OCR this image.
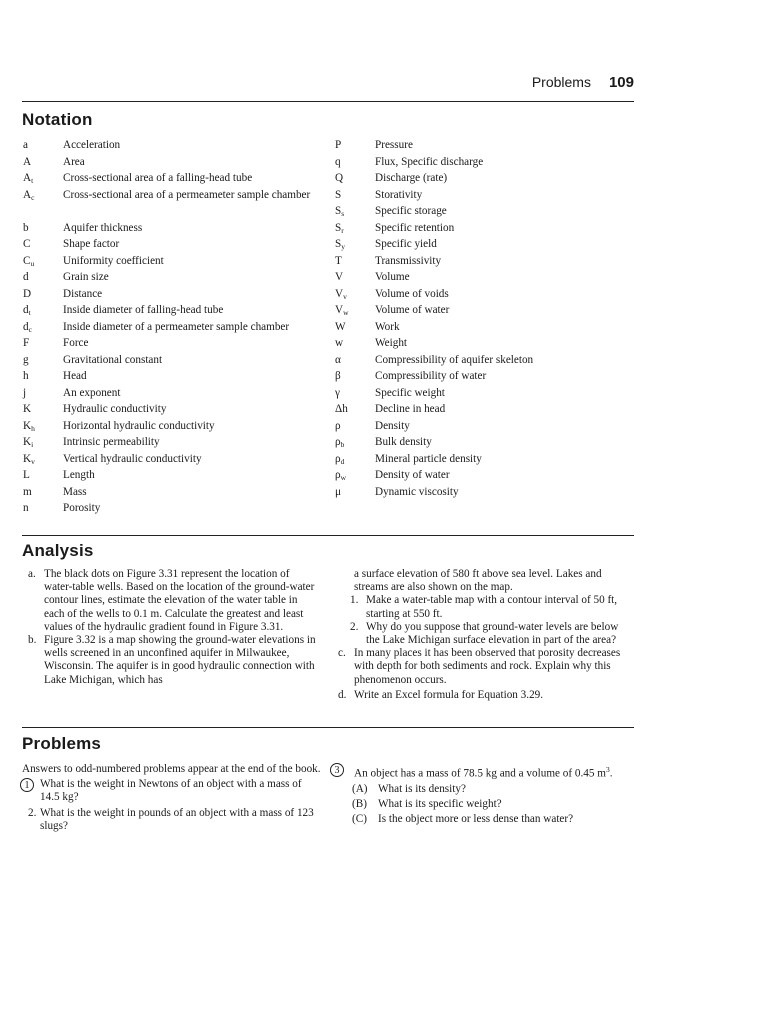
Problems 109
Notation
a	Acceleration
A	Area
$A_t$	Cross-sectional area of a falling-head tube
$A_c$	Cross-sectional area of a permeameter sample chamber
b	Aquifer thickness
C	Shape factor
$C_u$	Uniformity coefficient
d	Grain size
D	Distance
$d_t$	Inside diameter of falling-head tube
$d_c$	Inside diameter of a permeameter sample chamber
F	Force
g	Gravitational constant
h	Head
j	An exponent
K	Hydraulic conductivity
$K_h$	Horizontal hydraulic conductivity
$K_i$	Intrinsic permeability
$K_v$	Vertical hydraulic conductivity
L	Length
m	Mass
n	Porosity
P	Pressure
q	Flux, Specific discharge
Q	Discharge (rate)
S	Storativity
$S_s$	Specific storage
$S_r$	Specific retention
$S_y$	Specific yield
T	Transmissivity
V	Volume
$V_v$	Volume of voids
$V_w$	Volume of water
W	Work
w	Weight
α	Compressibility of aquifer skeleton
β	Compressibility of water
γ	Specific weight
Δh	Decline in head
ρ	Density
$\rho_b$	Bulk density
$\rho_d$	Mineral particle density
$\rho_w$	Density of water
μ	Dynamic viscosity
Analysis
a. The black dots on Figure 3.31 represent the location of water-table wells. Based on the location of the ground-water contour lines, estimate the elevation of the water table in each of the wells to 0.1 m. Calculate the greatest and least values of the hydraulic gradient found in Figure 3.31.
b. Figure 3.32 is a map showing the ground-water elevations in wells screened in an unconfined aquifer in Milwaukee, Wisconsin. The aquifer is in good hydraulic connection with Lake Michigan, which has
a surface elevation of 580 ft above sea level. Lakes and streams are also shown on the map.
1. Make a water-table map with a contour interval of 50 ft, starting at 550 ft.
2. Why do you suppose that ground-water levels are below the Lake Michigan surface elevation in part of the area?
c. In many places it has been observed that porosity decreases with depth for both sediments and rock. Explain why this phenomenon occurs.
d. Write an Excel formula for Equation 3.29.
Problems
Answers to odd-numbered problems appear at the end of the book.
1 What is the weight in Newtons of an object with a mass of 14.5 kg?
2. What is the weight in pounds of an object with a mass of 123 slugs?
3	An object has a mass of 78.5 kg and a volume of 0.45 $m^3$.
(A) What is its density?
(B) What is its specific weight?
(C) Is the object more or less dense than water?
